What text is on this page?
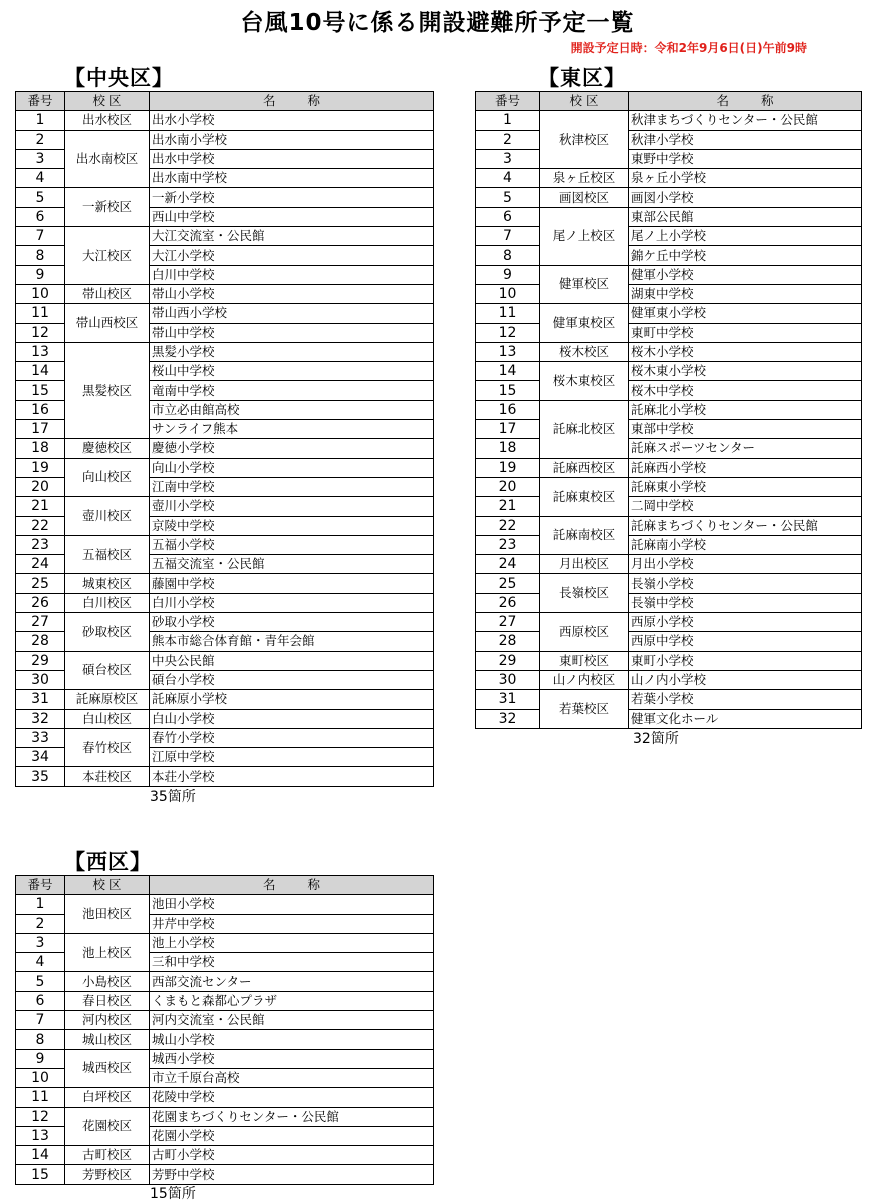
台風10号に係る開設避難所予定一覧
開設予定日時：令和2年9月6日(日)午前9時
【中央区】
番号	校 区	名 称
1	出水校区	出水小学校
2	出水南校区	出水南小学校
3		出水中学校
4		出水南中学校
5	一新校区	一新小学校
6		西山中学校
7	大江校区	大江交流室・公民館
8		大江小学校
9		白川中学校
10	帯山校区	帯山小学校
11	帯山西校区	帯山西小学校
12		帯山中学校
13	黒髪校区	黒髪小学校
14		桜山中学校
15		竜南中学校
16		市立必由館高校
17		サンライフ熊本
18	慶徳校区	慶徳小学校
19	向山校区	向山小学校
20		江南中学校
21	壺川校区	壺川小学校
22		京陵中学校
23	五福校区	五福小学校
24		五福交流室・公民館
25	城東校区	藤園中学校
26	白川校区	白川小学校
27	砂取校区	砂取小学校
28		熊本市総合体育館・青年会館
29	碩台校区	中央公民館
30		碩台小学校
31	託麻原校区	託麻原小学校
32	白山校区	白山小学校
33	春竹校区	春竹小学校
34		江原中学校
35	本荘校区	本荘小学校
35箇所
【東区】
番号	校 区	名 称
1	秋津校区	秋津まちづくりセンター・公民館
2		秋津小学校
3		東野中学校
4	泉ヶ丘校区	泉ヶ丘小学校
5	画図校区	画図小学校
6	尾ノ上校区	東部公民館
7		尾ノ上小学校
8		錦ケ丘中学校
9	健軍校区	健軍小学校
10		湖東中学校
11	健軍東校区	健軍東小学校
12		東町中学校
13	桜木校区	桜木小学校
14	桜木東校区	桜木東小学校
15		桜木中学校
16	託麻北校区	託麻北小学校
17		東部中学校
18		託麻スポーツセンター
19	託麻西校区	託麻西小学校
20	託麻東校区	託麻東小学校
21		二岡中学校
22	託麻南校区	託麻まちづくりセンター・公民館
23		託麻南小学校
24	月出校区	月出小学校
25	長嶺校区	長嶺小学校
26		長嶺中学校
27	西原校区	西原小学校
28		西原中学校
29	東町校区	東町小学校
30	山ノ内校区	山ノ内小学校
31	若葉校区	若葉小学校
32		健軍文化ホール
32箇所
【西区】
番号	校 区	名 称
1	池田校区	池田小学校
2		井芹中学校
3	池上校区	池上小学校
4		三和中学校
5	小島校区	西部交流センター
6	春日校区	くまもと森都心プラザ
7	河内校区	河内交流室・公民館
8	城山校区	城山小学校
9	城西校区	城西小学校
10		市立千原台高校
11	白坪校区	花陵中学校
12	花園校区	花園まちづくりセンター・公民館
13		花園小学校
14	古町校区	古町小学校
15	芳野校区	芳野中学校
15箇所
